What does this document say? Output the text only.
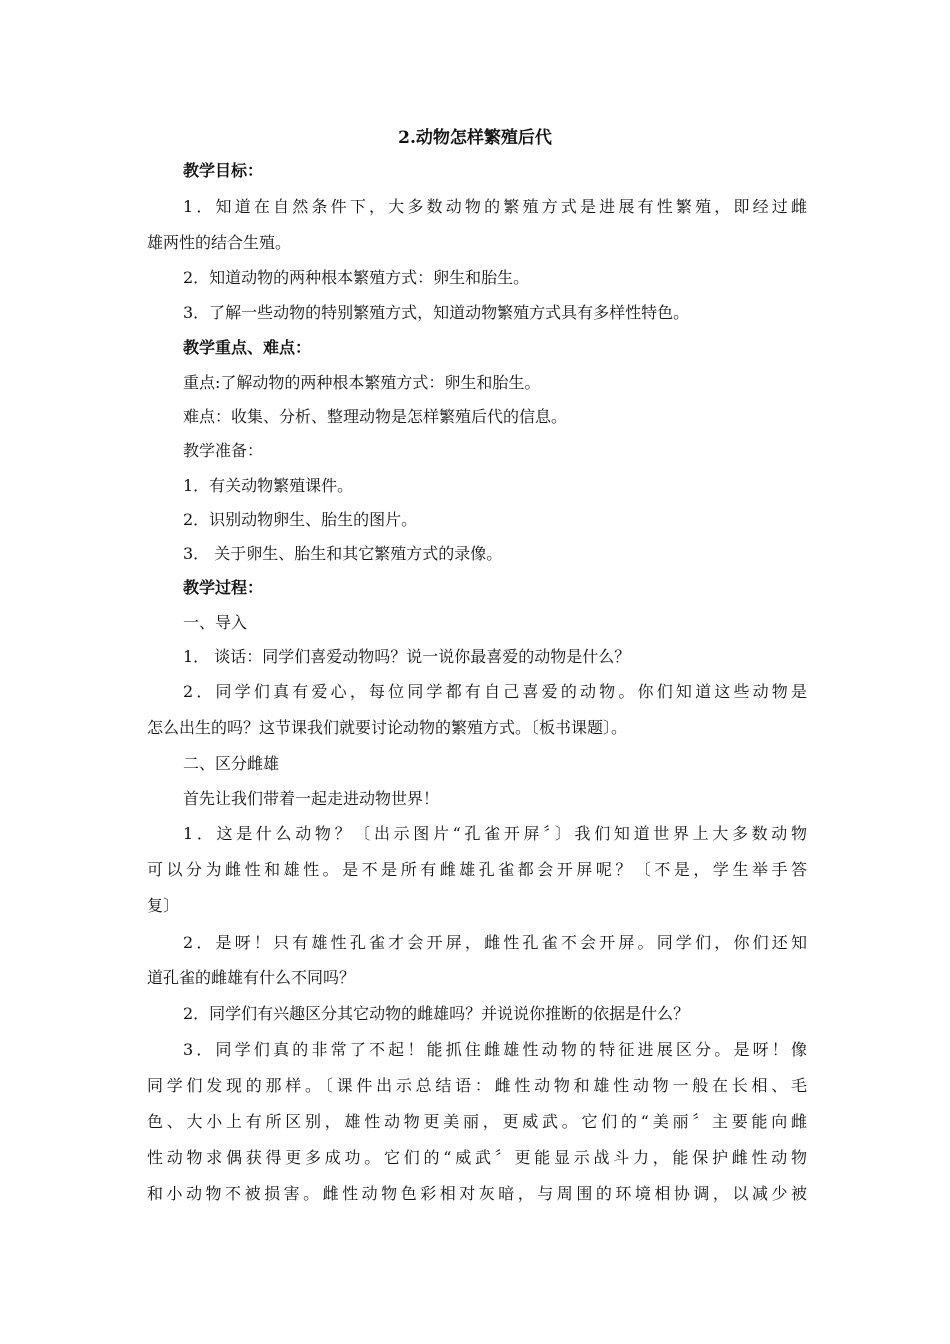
2.动物怎样繁殖后代
教学目标：
1．知道在自然条件下，大多数动物的繁殖方式是进展有性繁殖，即经过雌
雄两性的结合生殖。
2．知道动物的两种根本繁殖方式：卵生和胎生。
3．了解一些动物的特别繁殖方式，知道动物繁殖方式具有多样性特色。
教学重点、难点：
重点:了解动物的两种根本繁殖方式：卵生和胎生。
难点：收集、分析、整理动物是怎样繁殖后代的信息。
教学准备：
1．有关动物繁殖课件。
2．识别动物卵生、胎生的图片。
3． 关于卵生、胎生和其它繁殖方式的录像。
教学过程：
一、导入
1． 谈话：同学们喜爱动物吗？说一说你最喜爱的动物是什么？
2．同学们真有爱心，每位同学都有自己喜爱的动物。你们知道这些动物是
怎么出生的吗？这节课我们就要讨论动物的繁殖方式。〔板书课题〕。
二、区分雌雄
首先让我们带着一起走进动物世界！
1．这是什么动物？〔出示图片“孔雀开屏〞〕我们知道世界上大多数动物
可以分为雌性和雄性。是不是所有雌雄孔雀都会开屏呢？〔不是，学生举手答
复〕
2．是呀！只有雄性孔雀才会开屏，雌性孔雀不会开屏。同学们，你们还知
道孔雀的雌雄有什么不同吗？
2．同学们有兴趣区分其它动物的雌雄吗？并说说你推断的依据是什么？
3．同学们真的非常了不起！能抓住雌雄性动物的特征进展区分。是呀！像
同学们发现的那样。〔课件出示总结语：雌性动物和雄性动物一般在长相、毛
色、大小上有所区别，雄性动物更美丽，更威武。它们的“美丽〞主要能向雌
性动物求偶获得更多成功。它们的“威武〞更能显示战斗力，能保护雌性动物
和小动物不被损害。雌性动物色彩相对灰暗，与周围的环境相协调，以减少被
